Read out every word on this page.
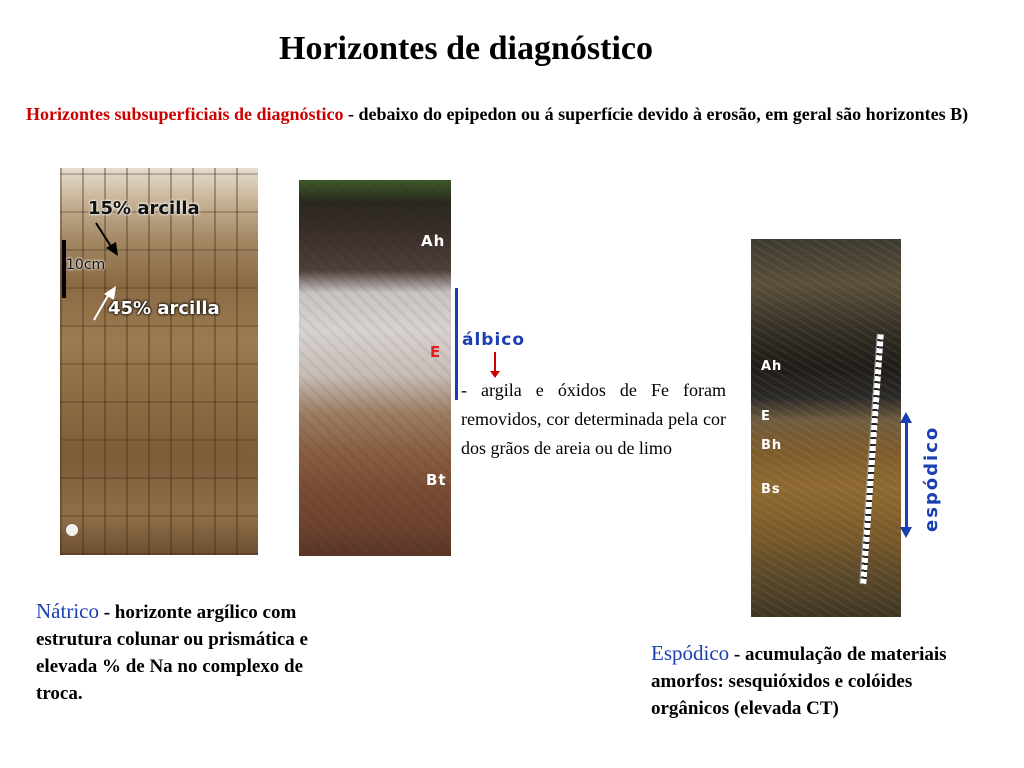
Horizontes de diagnóstico
Horizontes subsuperficiais de diagnóstico - debaixo do epipedon ou á superfície devido à erosão, em geral são horizontes B)
15% arcilla
10cm
45% arcilla
Ah
E
Bt
álbico
- argila e óxidos de Fe foram removidos, cor determinada pela cor dos grãos de areia ou de limo
Ah
E
Bh
Bs	espódico
Nátrico - horizonte argílico com estrutura colunar ou prismática e elevada % de Na no complexo de troca.
Espódico - acumulação de materiais amorfos: sesquióxidos e colóides orgânicos (elevada CT)
